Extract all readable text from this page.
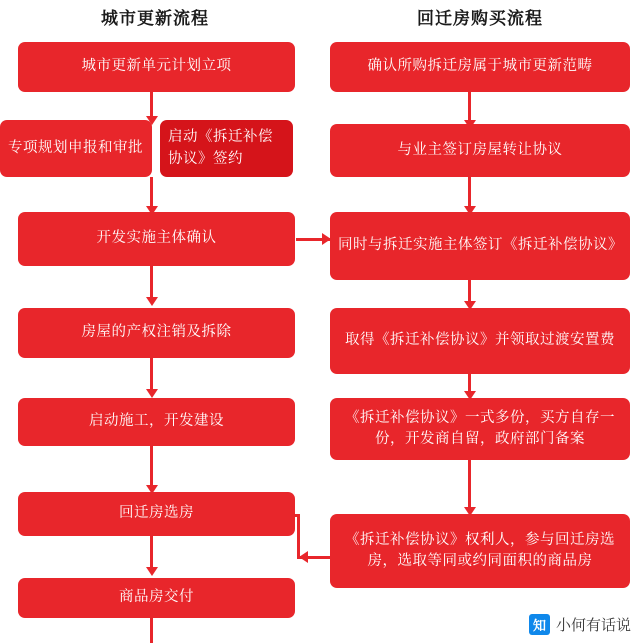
城市更新流程	回迁房购买流程
城市更新单元计划立项
专项规划申报和审批
启动《拆迁补偿协议》签约
开发实施主体确认
房屋的产权注销及拆除
启动施工，开发建设
回迁房选房
商品房交付
确认所购拆迁房属于城市更新范畴
与业主签订房屋转让协议
同时与拆迁实施主体签订《拆迁补偿协议》
取得《拆迁补偿协议》并领取过渡安置费
《拆迁补偿协议》一式多份，买方自存一份，开发商自留，政府部门备案
《拆迁补偿协议》权利人，参与回迁房选房，选取等同或约同面积的商品房
知 小何有话说
